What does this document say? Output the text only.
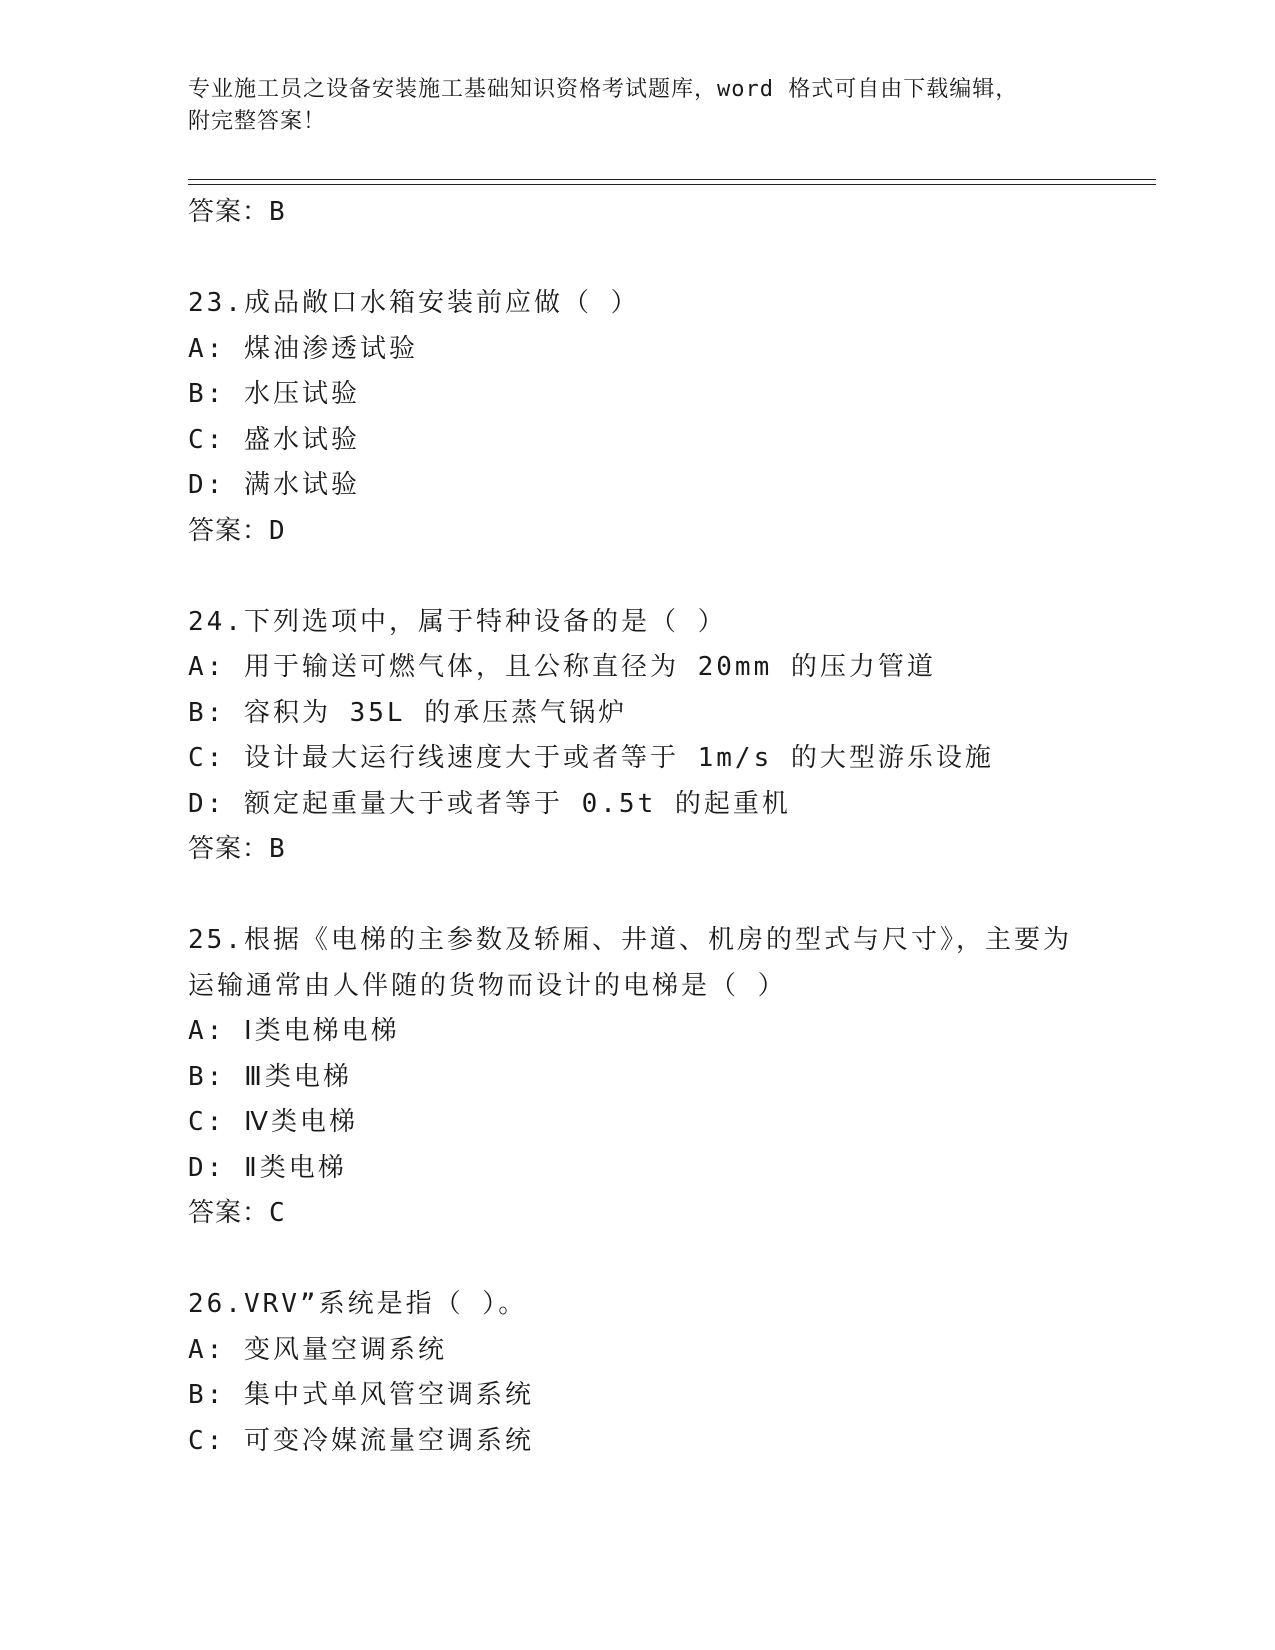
专业施工员之设备安装施工基础知识资格考试题库，word 格式可自由下载编辑，
附完整答案！
答案：B
23.成品敞口水箱安装前应做（ ）
A: 煤油渗透试验
B: 水压试验
C: 盛水试验
D: 满水试验
答案：D
24.下列选项中，属于特种设备的是（ ）
A: 用于输送可燃气体，且公称直径为 20mm 的压力管道
B: 容积为 35L 的承压蒸气锅炉
C: 设计最大运行线速度大于或者等于 1m/s 的大型游乐设施
D: 额定起重量大于或者等于 0.5t 的起重机
答案：B
25.根据《电梯的主参数及轿厢、井道、机房的型式与尺寸》，主要为
运输通常由人伴随的货物而设计的电梯是（ ）
A: Ⅰ类电梯电梯
B: Ⅲ类电梯
C: Ⅳ类电梯
D: Ⅱ类电梯
答案：C
26.VRV”系统是指（ ）。
A: 变风量空调系统
B: 集中式单风管空调系统
C: 可变冷媒流量空调系统
